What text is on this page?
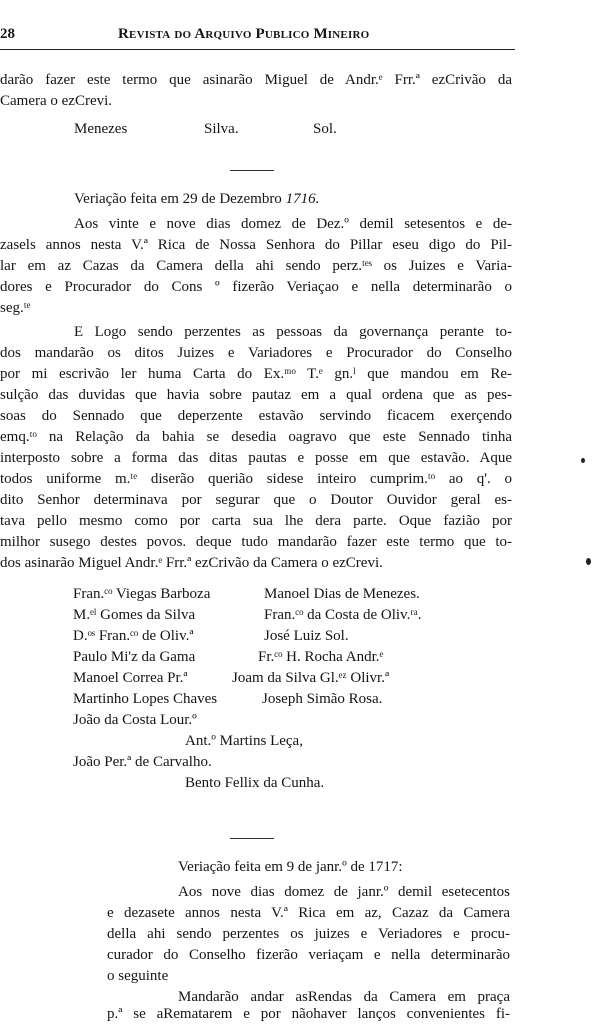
28	Revista do Arquivo Publico Mineiro
darão fazer este termo que asinarão Miguel de Andr.ᵉ Frr.ª ezCrivão da
Camera o ezCrevi.
Menezes	Silva.	Sol.
Veriação feita em 29 de Dezembro 1716.
Aos vinte e nove dias domez de Dez.º demil setesentos e de-
zasels annos nesta V.ª Rica de Nossa Senhora do Pillar eseu digo do Pil-
lar em az Cazas da Camera della ahi sendo perz.ᵗᵉˢ os Juizes e Varia-
dores e Procurador do Cons º fizerão Veriaçao e nella determinarão o
seg.ᵗᵉ
E Logo sendo perzentes as pessoas da governança perante to-
dos mandarão os ditos Juizes e Variadores e Procurador do Conselho
por mi escrivão ler huma Carta do Ex.ᵐᵒ T.ᵉ gn.ˡ que mandou em Re-
sulção das duvidas que havia sobre pautaz em a qual ordena que as pes-
soas do Sennado que deperzente estavão servindo ficacem exerçendo
emq.ᵗᵒ na Relação da bahia se desedia oagravo que este Sennado tinha
interposto sobre a forma das ditas pautas e posse em que estavão. Aque
todos uniforme m.ᵗᵉ diserão querião sidese inteiro cumprim.ᵗᵒ ao q'. o
dito Senhor determinava por segurar que o Doutor Ouvidor geral es-
tava pello mesmo como por carta sua lhe dera parte. Oque fazião por
milhor susego destes povos. deque tudo mandarão fazer este termo que to-
dos asinarão Miguel Andr.ᵉ Frr.ª ezCrivão da Camera o ezCrevi.
Fran.ᶜᵒ Viegas Barboza	Manoel Dias de Menezes.
M.ᵉˡ Gomes da Silva	Fran.ᶜᵒ da Costa de Oliv.ʳᵃ.
D.ᵒˢ Fran.ᶜᵒ de Oliv.ª	José Luiz Sol.
Paulo Mi'z da Gama	Fr.ᶜᵒ H. Rocha Andr.ᵉ
Manoel Correa Pr.ª	Joam da Silva Gl.ᵉᶻ Olivr.ª
Martinho Lopes Chaves	Joseph Simão Rosa.
João da Costa Lour.º
Ant.º Martins Leça,
João Per.ª de Carvalho.
Bento Fellix da Cunha.
Veriação feita em 9 de janr.º de 1717:
Aos nove dias domez de janr.º demil esetecentos
e dezasete annos nesta V.ª Rica em az, Cazaz da Camera
della ahi sendo perzentes os juizes e Veriadores e procu-
curador do Conselho fizerão veriaçam e nella determinarão
o seguinte
Mandarão andar asRendas da Camera em praça
p.ª se aRematarem e por nãohaver lanços convenientes fi-
